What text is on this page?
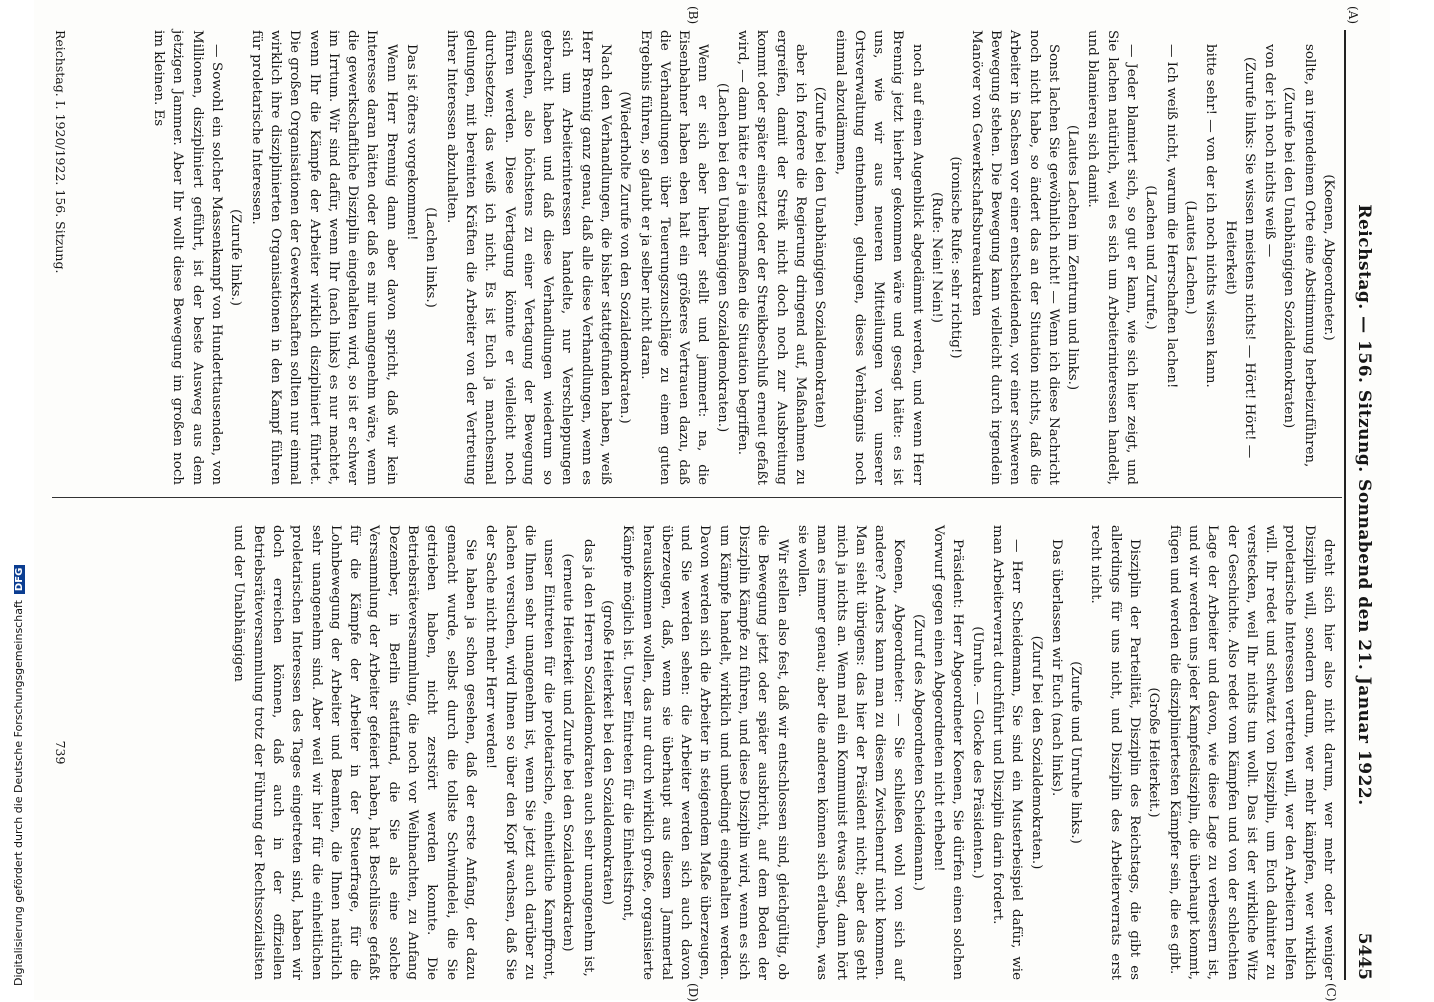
Reichstag. — 156. Sitzung. Sonnabend den 21. Januar 1922.
5445
(A)
(B)
(C)
(D)

(Koenen, Abgeordneter.)

sollte, an irgendeinem Orte eine Abstimmung herbeizuführen,

(Zurufe bei den Unabhängigen Sozialdemokraten)

von der ich noch nichts weiß —

(Zurufe links: Sie wissen meistens nichts! — Hört! Hört! — Heiterkeit)

bitte sehr! — von der ich noch nichts wissen kann.

(Lautes Lachen.)

— Ich weiß nicht, warum die Herrschaften lachen!

(Lachen und Zurufe.)

— Jeder blamiert sich, so gut er kann, wie sich hier zeigt, und Sie lachen natürlich, weil es sich um Arbeiterinteressen handelt, und blamieren sich damit.

(Lautes Lachen im Zentrum und links.)

Sonst lachen Sie gewöhnlich nicht! — Wenn ich diese Nachricht noch nicht habe, so ändert das an der Situation nichts, daß die Arbeiter in Sachsen vor einer entscheidenden, vor einer schweren Bewegung stehen. Die Bewegung kann vielleicht durch irgendein Manöver von Gewerkschaftsbureaukraten

(ironische Rufe: sehr richtig!)

(Rufe: Nein! Nein!)

noch auf einen Augenblick abgedämmt werden, und wenn Herr Brennig jetzt hierher gekommen wäre und gesagt hätte: es ist uns, wie wir aus neueren Mitteilungen von unserer Ortsverwaltung entnehmen, gelungen, dieses Verhängnis noch einmal abzudämmen,

(Zurufe bei den Unabhängigen Sozialdemokraten)

aber ich fordere die Regierung dringend auf, Maßnahmen zu ergreifen, damit der Streik nicht doch noch zur Ausbreitung kommt oder später einsetzt oder der Streikbeschluß erneut gefaßt wird, — dann hätte er ja einigermaßen die Situation begriffen.

(Lachen bei den Unabhängigen Sozialdemokraten.)

Wenn er sich aber hierher stellt und jammert: na, die Eisenbahner haben eben halt ein größeres Vertrauen dazu, daß die Verhandlungen über Teuerungszuschläge zu einem guten Ergebnis führen, so glaubt er ja selber nicht daran.

(Wiederholte Zurufe von den Sozialdemokraten.)

Nach den Verhandlungen, die bisher stattgefunden haben, weiß Herr Brennig ganz genau, daß alle diese Verhandlungen, wenn es sich um Arbeiterinteressen handelte, nur Verschleppungen gebracht haben und daß diese Verhandlungen wiederum so ausgehen, also höchstens zu einer Vertagung der Bewegung führen werden. Diese Vertagung könnte er vielleicht noch durchsetzen; das weiß ich nicht. Es ist Euch ja manchesmal gelungen, mit bereinten Kräften die Arbeiter von der Vertretung ihrer Interessen abzuhalten.

(Lachen links.)

Das ist öfters vorgekommen!

Wenn Herr Brennig dann aber davon spricht, daß wir kein Interesse daran hätten oder daß es mir unangenehm wäre, wenn die gewerkschaftliche Disziplin eingehalten wird, so ist er schwer im Irrtum. Wir sind dafür, wenn Ihr (nach links) es nur machtet, wenn Ihr die Kämpfe der Arbeiter wirklich diszipliniert führtet. Die großen Organisationen der Gewerkschaften sollten nur einmal wirklich ihre disziplinierten Organisationen in den Kampf führen für proletarische Interessen.

(Zurufe links.)

— Sowohl ein solcher Massenkampf von Hunderttausenden, von Millionen, diszipliniert geführt, ist der beste Ausweg aus dem jetzigen Jammer. Aber Ihr wollt diese Bewegung im großen noch im kleinen. Es

dreht sich hier also nicht darum, wer mehr oder weniger Disziplin will, sondern darum, wer mehr kämpfen, wer wirklich proletarische Interessen vertreten will, wer den Arbeitern helfen will. Ihr redet und schwatzt von Disziplin, um Euch dahinter zu verstecken, weil Ihr nichts tun wollt. Das ist der wirkliche Witz der Geschichte. Also redet vom Kämpfen und von der schlechten Lage der Arbeiter und davon, wie diese Lage zu verbessern ist, und wir werden uns jeder Kampfesdisziplin, die überhaupt kommt, fügen und werden die diszipliniertesten Kämpfer sein, die es gibt.

(Große Heiterkeit.)

Disziplin der Parteilität, Disziplin des Reichstags, die gibt es allerdings für uns nicht, und Disziplin des Arbeiterverrats erst recht nicht.

(Zurufe und Unruhe links.)

Das überlassen wir Euch (nach links).

(Zuruf bei den Sozialdemokraten.)

— Herr Scheidemann, Sie sind ein Musterbeispiel dafür, wie man Arbeiterverrat durchführt und Disziplin darin fordert.

(Unruhe. — Glocke des Präsidenten.)

Präsident: Herr Abgeordneter Koenen, Sie dürfen einen solchen Vorwurf gegen einen Abgeordneten nicht erheben!

(Zuruf des Abgeordneten Scheidemann.)

Koenen, Abgeordneter: — Sie schließen wohl von sich auf andere? Anders kann man zu diesem Zwischenruf nicht kommen. Man sieht übrigens: das hier der Präsident nicht; aber das geht mich ja nichts an. Wenn mal ein Kommunist etwas sagt, dann hört man es immer genau; aber die anderen können sich erlauben, was sie wollen.

Wir stellen also fest, daß wir entschlossen sind, gleichgültig, ob die Bewegung jetzt oder später ausbricht, auf dem Boden der Disziplin Kämpfe zu führen, und diese Disziplin wird, wenn es sich um Kämpfe handelt, wirklich und unbedingt eingehalten werden. Davon werden sich die Arbeiter in steigendem Maße überzeugen, und Sie werden sehen: die Arbeiter werden sich auch davon überzeugen, daß, wenn sie überhaupt aus diesem Jammertal herauskommen wollen, das nur durch wirklich große, organisierte Kämpfe möglich ist. Unser Eintreten für die Einheitsfront,

(große Heiterkeit bei den Sozialdemokraten)

das ja den Herren Sozialdemokraten auch sehr unangenehm ist,

(erneute Heiterkeit und Zurufe bei den Sozialdemokraten)

unser Eintreten für die proletarische, einheitliche Kampffront, die Ihnen sehr unangenehm ist, wenn Sie jetzt auch darüber zu lachen versuchen, wird Ihnen so über den Kopf wachsen, daß Sie der Sache nicht mehr Herr werden!

Sie haben ja schon gesehen, daß der erste Anfang, der dazu gemacht wurde, selbst durch die tollste Schwindelei, die Sie getrieben haben, nicht zerstört werden konnte. Die Betriebsräteversammlung, die noch vor Weihnachten, zu Anfang Dezember, in Berlin stattfand, die Sie als eine solche Versammlung der Arbeiter gefeiert haben, hat Beschlüsse gefaßt für die Kämpfe der Arbeiter in der Steuerfrage, für die Lohnbewegung der Arbeiter und Beamten, die Ihnen natürlich sehr unangenehm sind. Aber weil wir hier für die einheitlichen proletarischen Interessen des Tages eingetreten sind, haben wir doch erreichen können, daß auch in der offiziellen Betriebsräteversammlung trotz der Führung der Rechtssozialisten und der Unabhängigen

Reichstag. I. 1920/1922. 156. Sitzung.
739
Digitalisierung gefördert durch die Deutsche ForschungsgemeinschaftDFG
